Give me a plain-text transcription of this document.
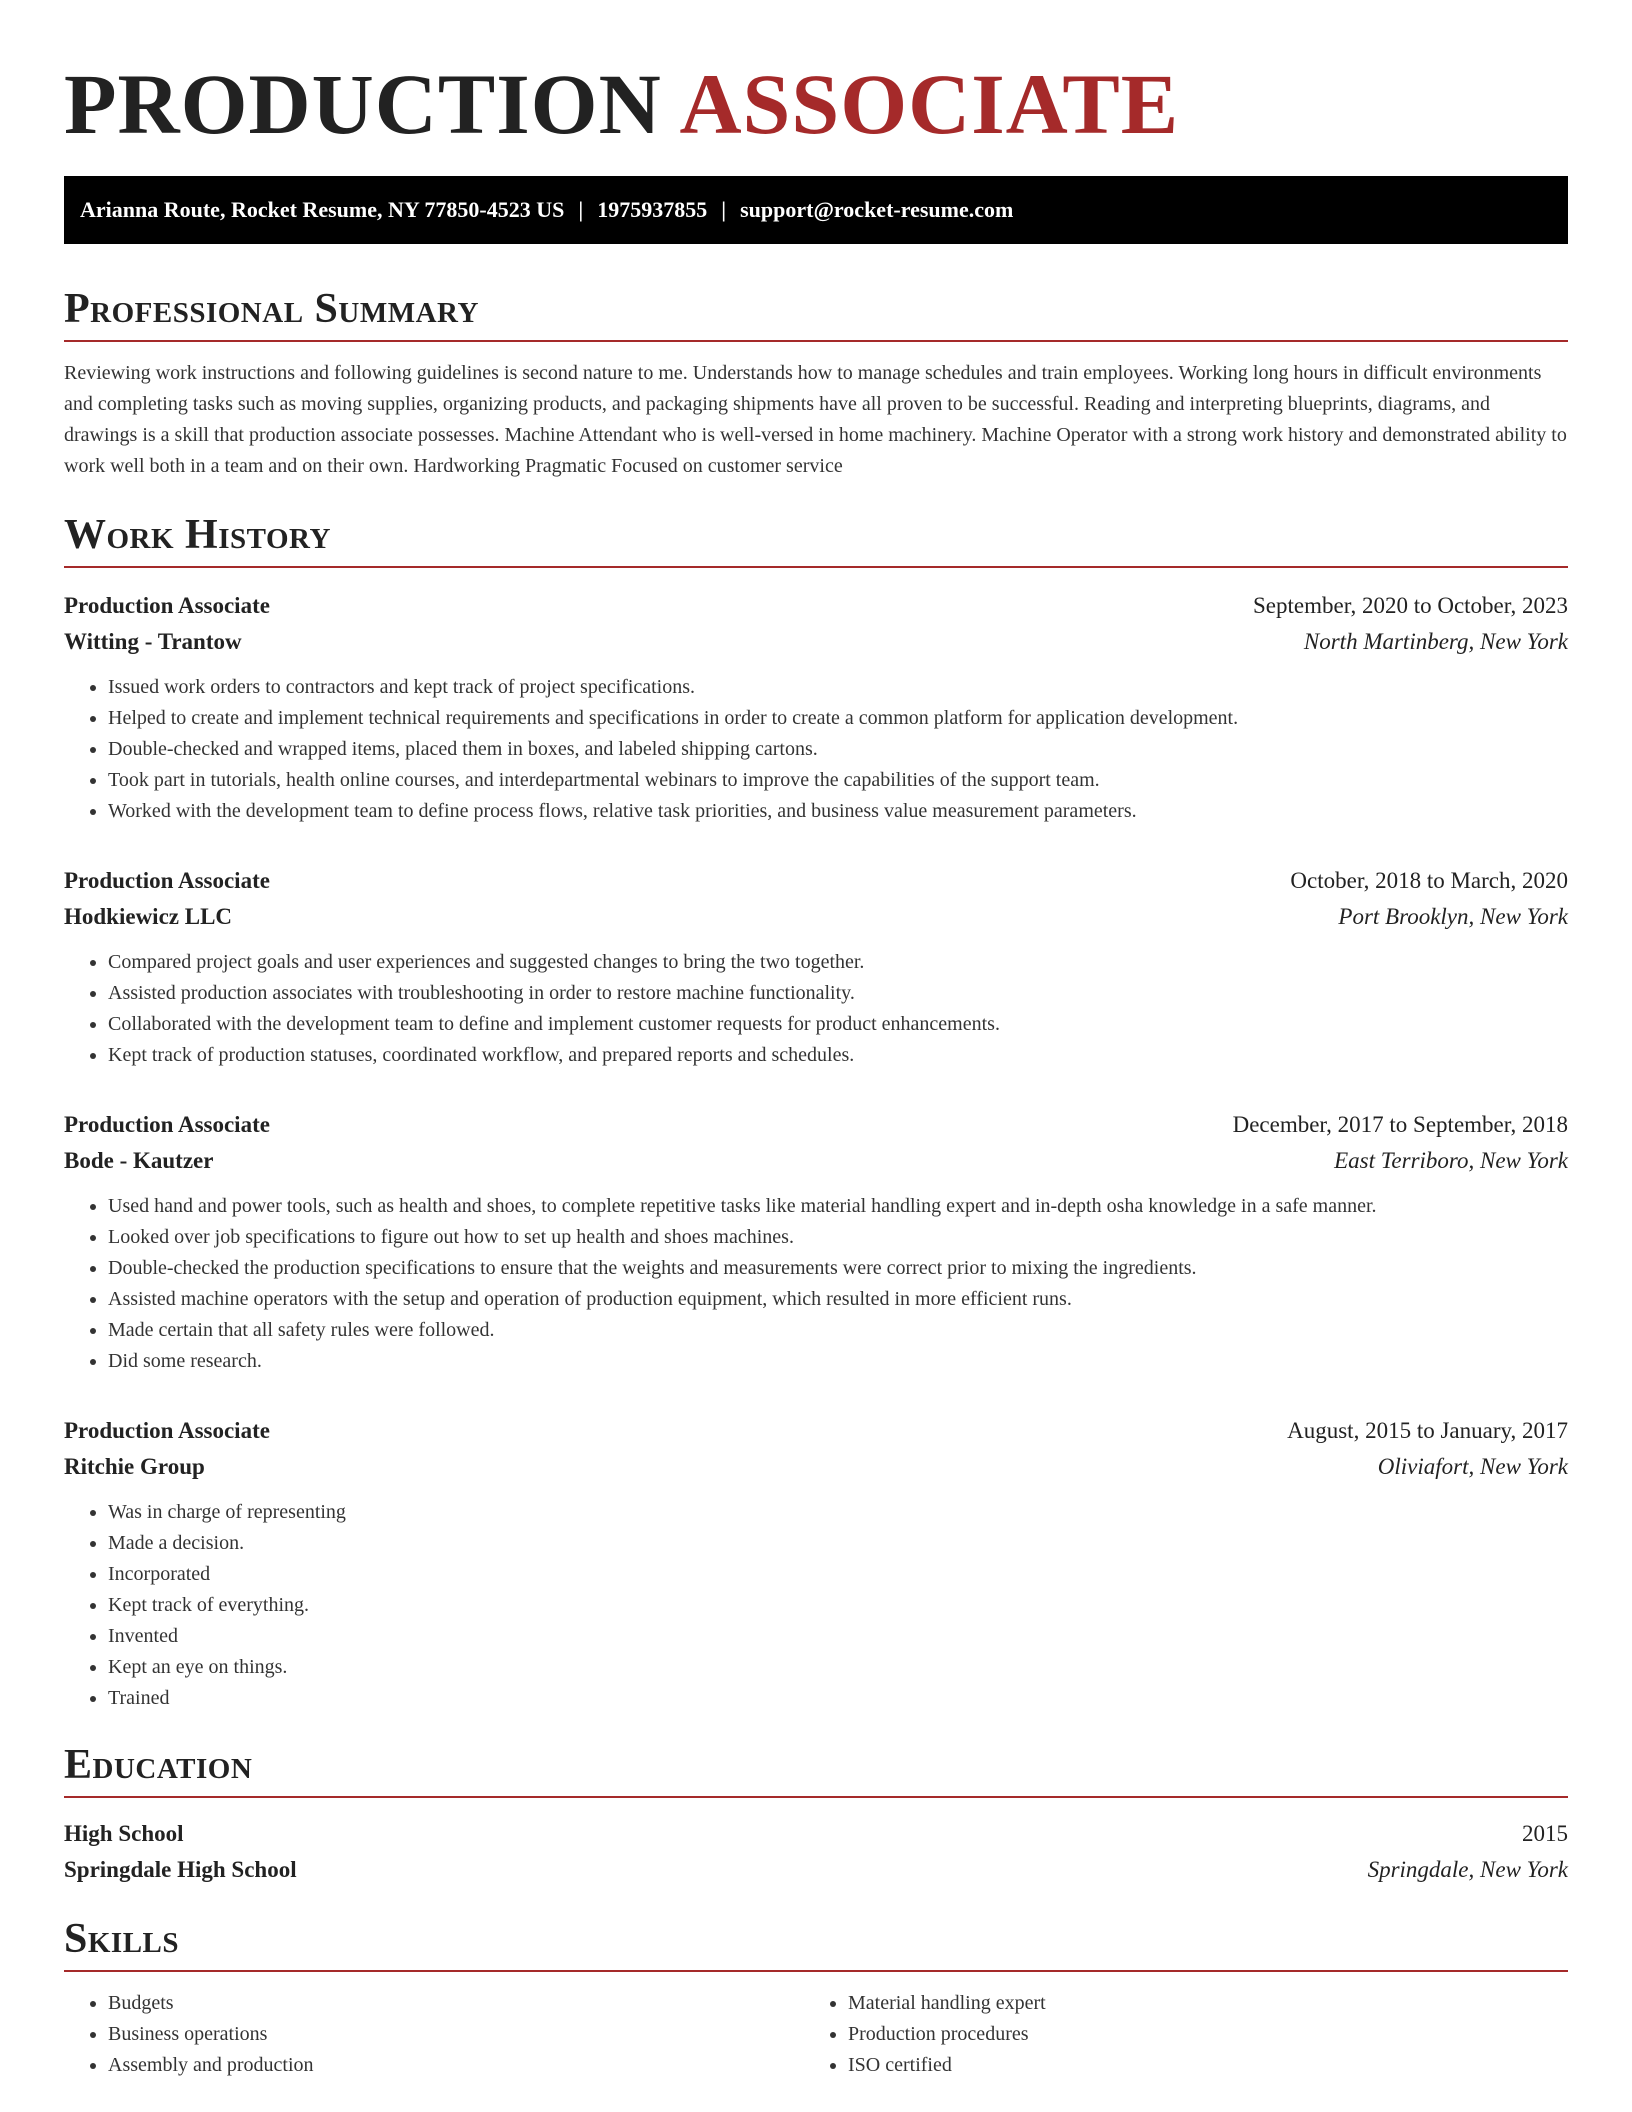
PRODUCTION ASSOCIATE
Arianna Route, Rocket Resume, NY 77850-4523 US | 1975937855 | support@rocket-resume.com
Professional Summary

Reviewing work instructions and following guidelines is second nature to me. Understands how to manage schedules and train employees. Working long hours in difficult environments and completing tasks such as moving supplies, organizing products, and packaging shipments have all proven to be successful. Reading and interpreting blueprints, diagrams, and drawings is a skill that production associate possesses. Machine Attendant who is well-versed in home machinery. Machine Operator with a strong work history and demonstrated ability to work well both in a team and on their own. Hardworking Pragmatic Focused on customer service

Work History
Production Associate	September, 2020 to October, 2023
Witting - Trantow	North Martinberg, New York
• Issued work orders to contractors and kept track of project specifications.
• Helped to create and implement technical requirements and specifications in order to create a common platform for application development.
• Double-checked and wrapped items, placed them in boxes, and labeled shipping cartons.
• Took part in tutorials, health online courses, and interdepartmental webinars to improve the capabilities of the support team.
• Worked with the development team to define process flows, relative task priorities, and business value measurement parameters.
Production Associate	October, 2018 to March, 2020
Hodkiewicz LLC	Port Brooklyn, New York
• Compared project goals and user experiences and suggested changes to bring the two together.
• Assisted production associates with troubleshooting in order to restore machine functionality.
• Collaborated with the development team to define and implement customer requests for product enhancements.
• Kept track of production statuses, coordinated workflow, and prepared reports and schedules.
Production Associate	December, 2017 to September, 2018
Bode - Kautzer	East Terriboro, New York
• Used hand and power tools, such as health and shoes, to complete repetitive tasks like material handling expert and in-depth osha knowledge in a safe manner.
• Looked over job specifications to figure out how to set up health and shoes machines.
• Double-checked the production specifications to ensure that the weights and measurements were correct prior to mixing the ingredients.
• Assisted machine operators with the setup and operation of production equipment, which resulted in more efficient runs.
• Made certain that all safety rules were followed.
• Did some research.
Production Associate	August, 2015 to January, 2017
Ritchie Group	Oliviafort, New York
• Was in charge of representing
• Made a decision.
• Incorporated
• Kept track of everything.
• Invented
• Kept an eye on things.
• Trained
Education
High School	2015
Springdale High School	Springdale, New York
Skills
• Budgets
• Business operations
• Assembly and production
• Material handling expert
• Production procedures
• ISO certified
